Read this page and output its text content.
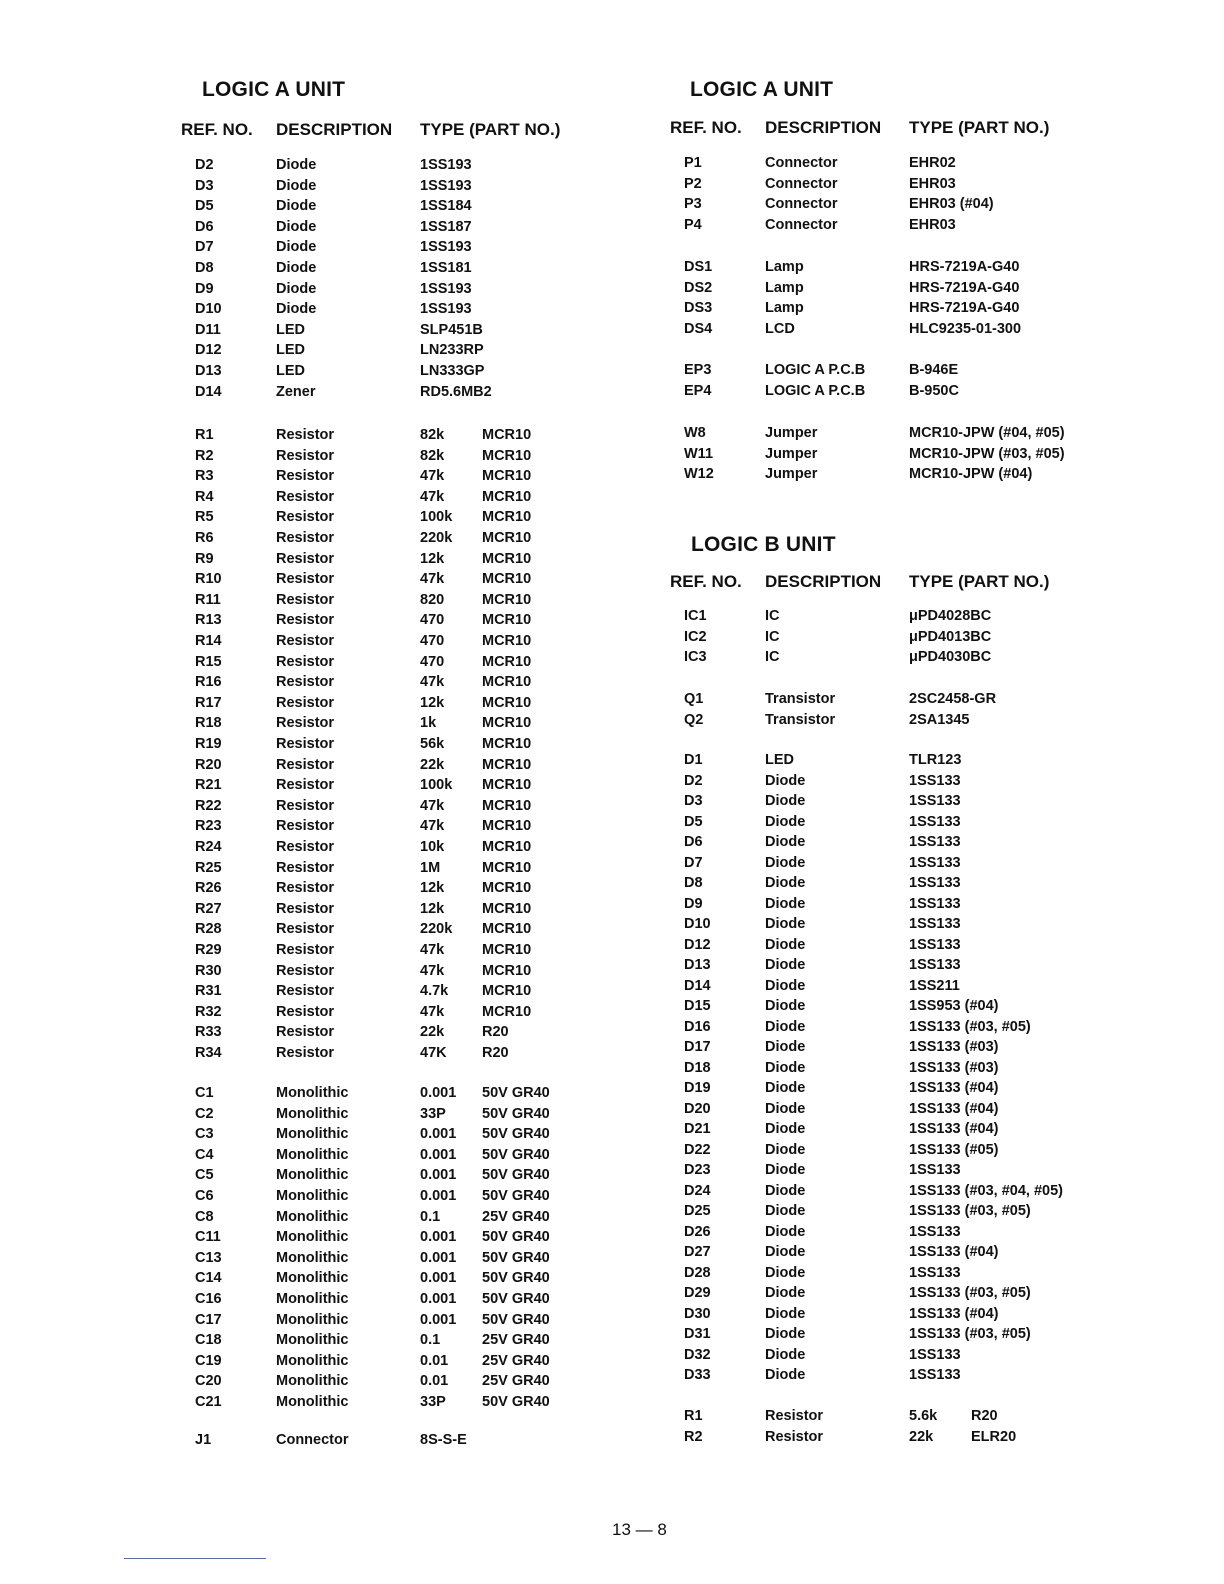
LOGIC A UNIT
REF. NO. DESCRIPTION TYPE (PART NO.)
D2	Diode	1SS193
D3	Diode	1SS193
D5	Diode	1SS184
D6	Diode	1SS187
D7	Diode	1SS193
D8	Diode	1SS181
D9	Diode	1SS193
D10	Diode	1SS193
D11	LED	SLP451B
D12	LED	LN233RP
D13	LED	LN333GP
D14	Zener	RD5.6MB2
R1	Resistor	82k	MCR10
R2	Resistor	82k	MCR10
R3	Resistor	47k	MCR10
R4	Resistor	47k	MCR10
R5	Resistor	100k MCR10
R6	Resistor	220k MCR10
R9	Resistor	12k	MCR10
R10	Resistor	47k	MCR10
R11	Resistor	820	MCR10
R13	Resistor	470	MCR10
R14	Resistor	470	MCR10
R15	Resistor	470	MCR10
R16	Resistor	47k	MCR10
R17	Resistor	12k	MCR10
R18	Resistor	1k	MCR10
R19	Resistor	56k	MCR10
R20	Resistor	22k	MCR10
R21	Resistor	100k MCR10
R22	Resistor	47k	MCR10
R23	Resistor	47k	MCR10
R24	Resistor	10k	MCR10
R25	Resistor	1M	MCR10
R26	Resistor	12k	MCR10
R27	Resistor	12k	MCR10
R28	Resistor	220k MCR10
R29	Resistor	47k	MCR10
R30	Resistor	47k	MCR10
R31	Resistor	4.7k MCR10
R32	Resistor	47k	MCR10
R33	Resistor	22k	R20
R34	Resistor	47K R20
C1	Monolithic	0.001 50V GR40
C2	Monolithic	33P 50V GR40
C3	Monolithic	0.001 50V GR40
C4	Monolithic	0.001 50V GR40
C5	Monolithic	0.001 50V GR40
C6	Monolithic	0.001 50V GR40
C8	Monolithic	0.1	25V GR40
C11	Monolithic	0.001 50V GR40
C13	Monolithic	0.001 50V GR40
C14	Monolithic	0.001 50V GR40
C16	Monolithic	0.001 50V GR40
C17	Monolithic	0.001 50V GR40
C18	Monolithic	0.1	25V GR40
C19	Monolithic	0.01 25V GR40
C20	Monolithic	0.01 25V GR40
C21	Monolithic	33P 50V GR40
J1	Connector	8S-S-E
LOGIC A UNIT
REF. NO. DESCRIPTION TYPE (PART NO.)
P1	Connector	EHR02
P2	Connector	EHR03
P3	Connector	EHR03 (#04)
P4	Connector	EHR03
DS1	Lamp	HRS-7219A-G40
DS2	Lamp	HRS-7219A-G40
DS3	Lamp	HRS-7219A-G40
DS4	LCD	HLC9235-01-300
EP3	LOGIC A P.C.B	B-946E
EP4	LOGIC A P.C.B	B-950C
W8	Jumper	MCR10-JPW (#04, #05)
W11	Jumper	MCR10-JPW (#03, #05)
W12	Jumper	MCR10-JPW (#04)
LOGIC B UNIT
REF. NO. DESCRIPTION TYPE (PART NO.)
IC1	IC	μPD4028BC
IC2	IC	μPD4013BC
IC3	IC	μPD4030BC
Q1	Transistor	2SC2458-GR
Q2	Transistor	2SA1345
D1	LED	TLR123
D2	Diode	1SS133
D3	Diode	1SS133
D5	Diode	1SS133
D6	Diode	1SS133
D7	Diode	1SS133
D8	Diode	1SS133
D9	Diode	1SS133
D10	Diode	1SS133
D12	Diode	1SS133
D13	Diode	1SS133
D14	Diode	1SS211
D15	Diode	1SS953 (#04)
D16	Diode	1SS133 (#03, #05)
D17	Diode	1SS133 (#03)
D18	Diode	1SS133 (#03)
D19	Diode	1SS133 (#04)
D20	Diode	1SS133 (#04)
D21	Diode	1SS133 (#04)
D22	Diode	1SS133 (#05)
D23	Diode	1SS133
D24	Diode	1SS133 (#03, #04, #05)
D25	Diode	1SS133 (#03, #05)
D26	Diode	1SS133
D27	Diode	1SS133 (#04)
D28	Diode	1SS133
D29	Diode	1SS133 (#03, #05)
D30	Diode	1SS133 (#04)
D31	Diode	1SS133 (#03, #05)
D32	Diode	1SS133
D33	Diode	1SS133
R1	Resistor	5.6k R20
R2	Resistor	22k	ELR20
13 — 8
